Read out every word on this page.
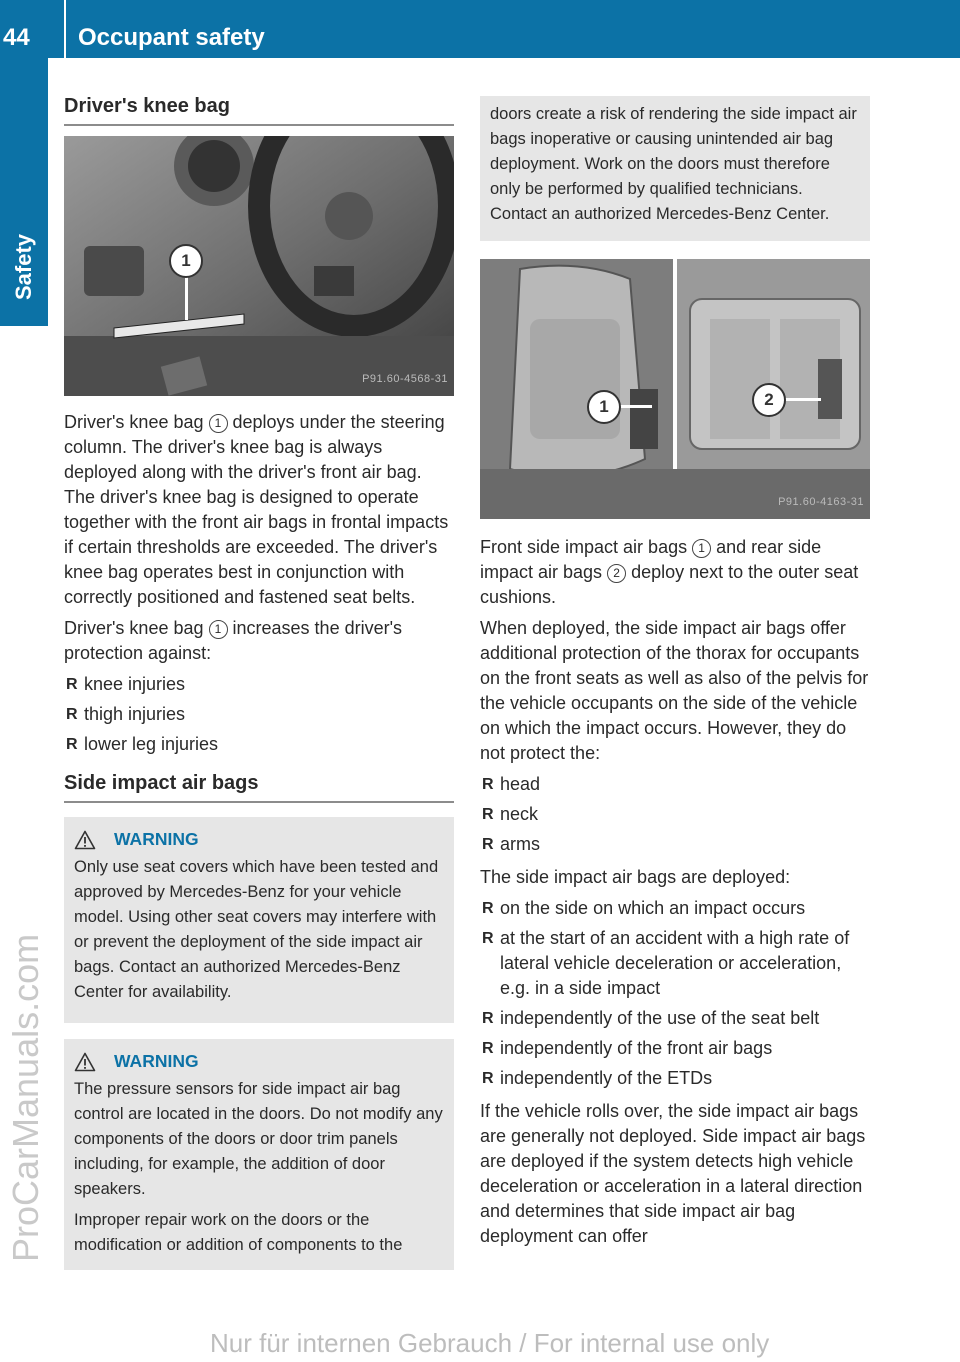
44	Occupant safety
Safety
ProCarManuals.com
Driver's knee bag
1
P91.60-4568-31

Driver's knee bag 1 deploys under the steering column. The driver's knee bag is always deployed along with the driver's front air bag. The driver's knee bag is designed to operate together with the front air bags in frontal impacts if certain thresholds are exceeded. The driver's knee bag operates best in conjunction with correctly positioned and fastened seat belts.

Driver's knee bag 1 increases the driver's protection against:

R knee injuries
R thigh injuries
R lower leg injuries
Side impact air bags
WARNING

Only use seat covers which have been tested and approved by Mercedes-Benz for your vehicle model. Using other seat covers may interfere with or prevent the deployment of the side impact air bags. Contact an authorized Mercedes-Benz Center for availability.

WARNING

The pressure sensors for side impact air bag control are located in the doors. Do not modify any components of the doors or door trim panels including, for example, the addition of door speakers.

Improper repair work on the doors or the modification or addition of components to the

doors create a risk of rendering the side impact air bags inoperative or causing unintended air bag deployment. Work on the doors must therefore only be performed by qualified technicians. Contact an authorized Mercedes-Benz Center.

1	2
P91.60-4163-31

Front side impact air bags 1 and rear side impact air bags 2 deploy next to the outer seat cushions.

When deployed, the side impact air bags offer additional protection of the thorax for occupants on the front seats as well as also of the pelvis for the vehicle occupants on the side of the vehicle on which the impact occurs. However, they do not protect the:

R head
R neck
R arms

The side impact air bags are deployed:

R on the side on which an impact occurs
R at the start of an accident with a high rate of lateral vehicle deceleration or acceleration, e.g. in a side impact
R independently of the use of the seat belt
R independently of the front air bags
R independently of the ETDs

If the vehicle rolls over, the side impact air bags are generally not deployed. Side impact air bags are deployed if the system detects high vehicle deceleration or acceleration in a lateral direction and determines that side impact air bag deployment can offer

Nur für internen Gebrauch / For internal use only
